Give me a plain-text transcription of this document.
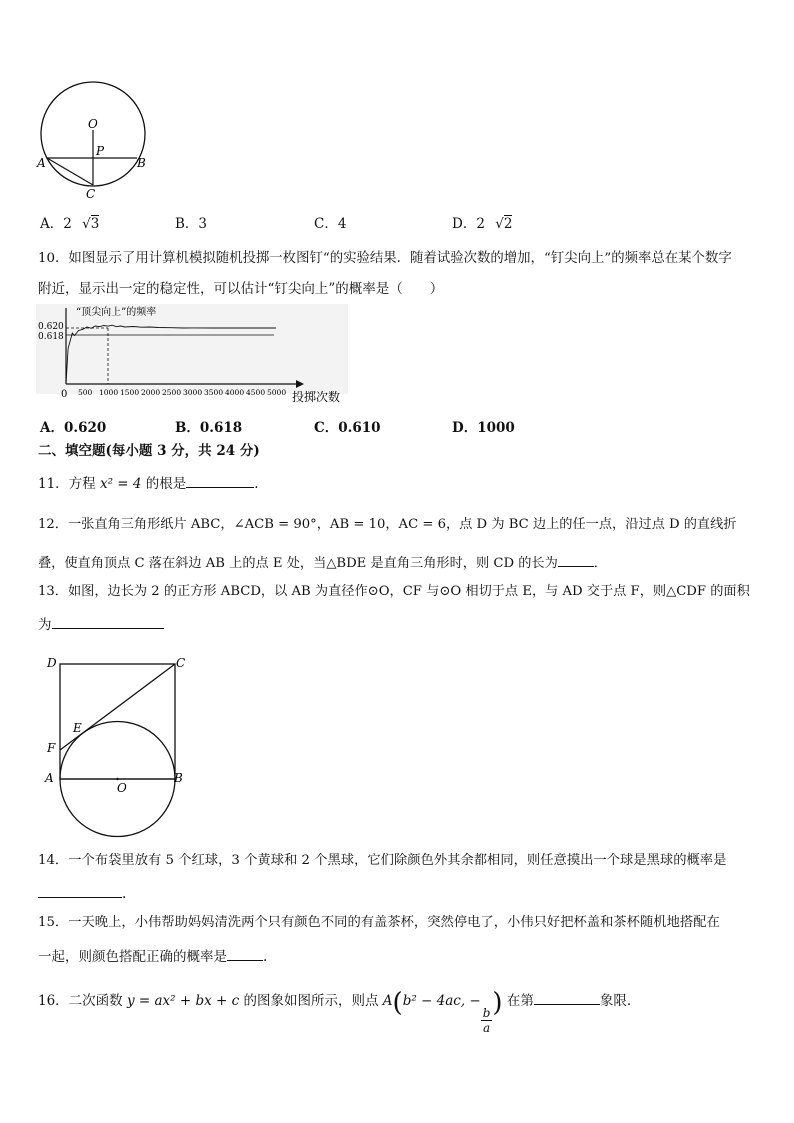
O
P
A	B
C
A．2 √3	B．3	C．4	D．2 √2
10．如图显示了用计算机模拟随机投掷一枚图钉“的实验结果．随着试验次数的增加，“钉尖向上”的频率总在某个数字
附近，显示出一定的稳定性，可以估计“钉尖向上”的概率是（　　）
“顶尖向上”的频率
0.620
0.618
0 500 1000 1500 2000 2500 3000 3500 4000 4500 5000 投掷次数
A．0.620	B．0.618	C．0.610	D．1000
二、填空题(每小题 3 分，共 24 分)
11．方程 x² = 4 的根是	.
12．一张直角三角形纸片 ABC，∠ACB = 90°，AB = 10，AC = 6，点 D 为 BC 边上的任一点，沿过点 D 的直线折
叠，使直角顶点 C 落在斜边 AB 上的点 E 处，当△BDE 是直角三角形时，则 CD 的长为	．
13．如图，边长为 2 的正方形 ABCD，以 AB 为直径作⊙O，CF 与⊙O 相切于点 E，与 AD 交于点 F，则△CDF 的面积
为
D	C
E
F
A
O
B
14．一个布袋里放有 5 个红球，3 个黄球和 2 个黑球，它们除颜色外其余都相同，则任意摸出一个球是黑球的概率是
.
15．一天晚上，小伟帮助妈妈清洗两个只有颜色不同的有盖茶杯，突然停电了，小伟只好把杯盖和茶杯随机地搭配在
一起，则颜色搭配正确的概率是	.
16．二次函数 y = ax² + bx + c 的图象如图所示，则点 A(b² − 4ac, −
$\frac{b}{a}$
) 在第	象限.
